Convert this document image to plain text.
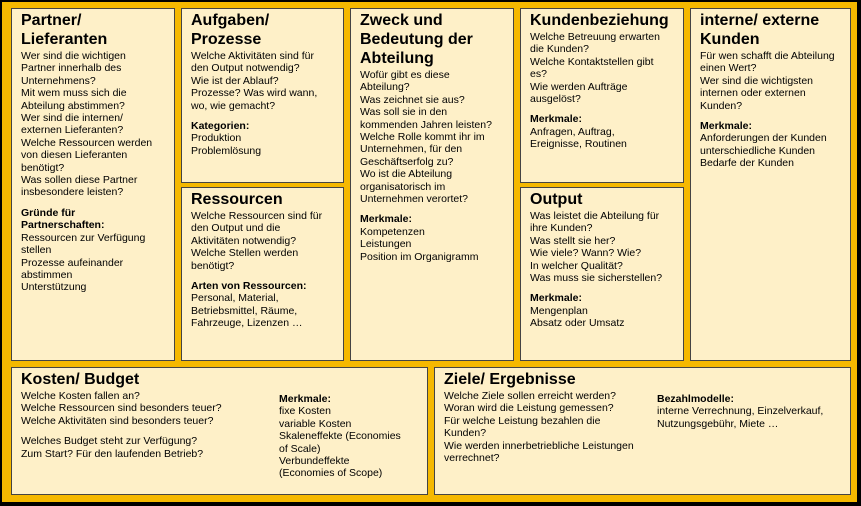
Partner/
Lieferanten
Wer sind die wichtigen
Partner innerhalb des
Unternehmens?
Mit wem muss sich die
Abteilung abstimmen?
Wer sind die internen/
externen Lieferanten?
Welche Ressourcen werden
von diesen Lieferanten
benötigt?
Was sollen diese Partner
insbesondere leisten?
Gründe für
Partnerschaften:
Ressourcen zur Verfügung
stellen
Prozesse aufeinander
abstimmen
Unterstützung
Aufgaben/
Prozesse
Welche Aktivitäten sind für
den Output notwendig?
Wie ist der Ablauf?
Prozesse? Was wird wann,
wo, wie gemacht?
Kategorien:
Produktion
Problemlösung
Ressourcen
Welche Ressourcen sind für
den Output und die
Aktivitäten notwendig?
Welche Stellen werden
benötigt?
Arten von Ressourcen:
Personal, Material,
Betriebsmittel, Räume,
Fahrzeuge, Lizenzen …
Zweck und
Bedeutung der
Abteilung
Wofür gibt es diese
Abteilung?
Was zeichnet sie aus?
Was soll sie in den
kommenden Jahren leisten?
Welche Rolle kommt ihr im
Unternehmen, für den
Geschäftserfolg zu?
Wo ist die Abteilung
organisatorisch im
Unternehmen verortet?
Merkmale:
Kompetenzen
Leistungen
Position im Organigramm
Kundenbeziehung
Welche Betreuung erwarten
die Kunden?
Welche Kontaktstellen gibt
es?
Wie werden Aufträge
ausgelöst?
Merkmale:
Anfragen, Auftrag,
Ereignisse, Routinen
Output
Was leistet die Abteilung für
ihre Kunden?
Was stellt sie her?
Wie viele? Wann? Wie?
In welcher Qualität?
Was muss sie sicherstellen?
Merkmale:
Mengenplan
Absatz oder Umsatz
interne/ externe
Kunden
Für wen schafft die Abteilung
einen Wert?
Wer sind die wichtigsten
internen oder externen
Kunden?
Merkmale:
Anforderungen der Kunden
unterschiedliche Kunden
Bedarfe der Kunden
Kosten/ Budget
Welche Kosten fallen an?
Welche Ressourcen sind besonders teuer?
Welche Aktivitäten sind besonders teuer?
Welches Budget steht zur Verfügung?
Zum Start? Für den laufenden Betrieb?
Merkmale:
fixe Kosten
variable Kosten
Skaleneffekte (Economies
of Scale)
Verbundeffekte
(Economies of Scope)
Ziele/ Ergebnisse
Welche Ziele sollen erreicht werden?
Woran wird die Leistung gemessen?
Für welche Leistung bezahlen die
Kunden?
Wie werden innerbetriebliche Leistungen
verrechnet?
Bezahlmodelle:
interne Verrechnung, Einzelverkauf,
Nutzungsgebühr, Miete …
